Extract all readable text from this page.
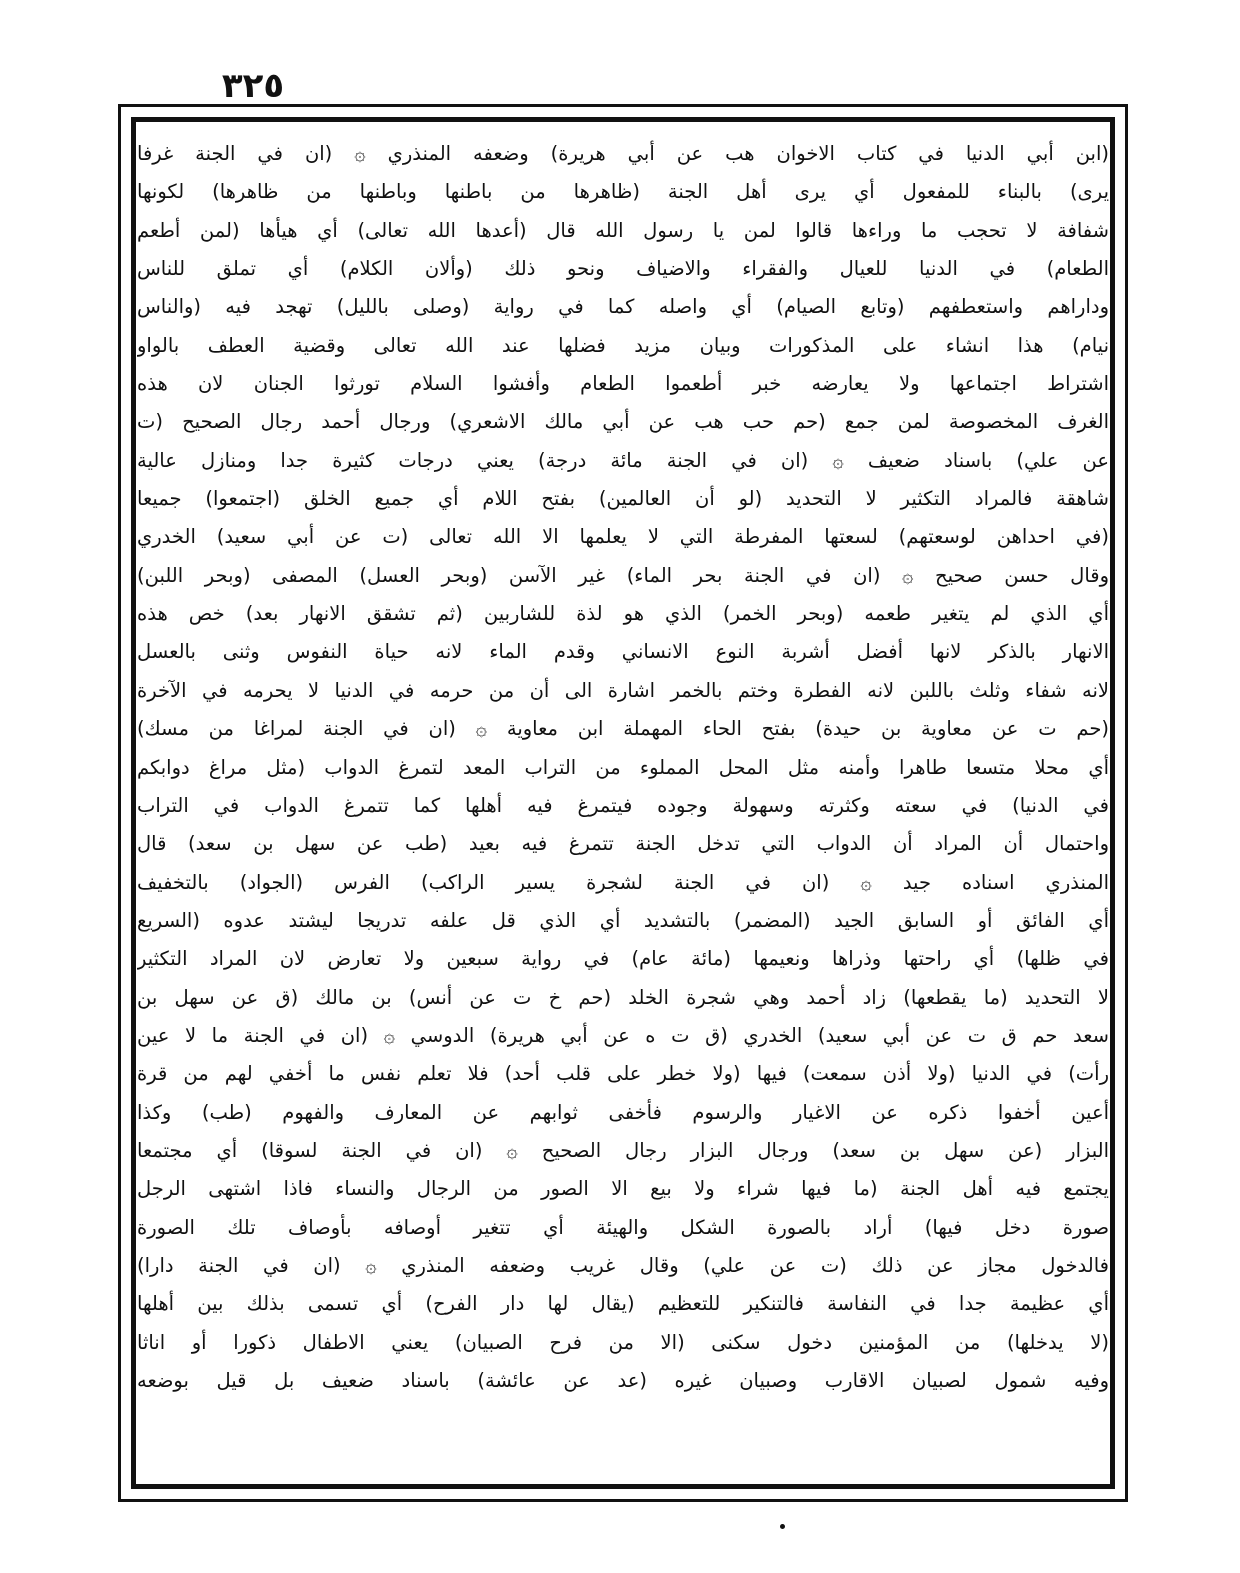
٣٢٥
(ابن أبي الدنيا في كتاب الاخوان هب عن أبي هريرة) وضعفه المنذري ۞ (ان في الجنة غرفا
يرى) بالبناء للمفعول أي يرى أهل الجنة (ظاهرها من باطنها وباطنها من ظاهرها) لكونها
شفافة لا تحجب ما وراءها قالوا لمن يا رسول الله قال (أعدها الله تعالى) أي هيأها (لمن أطعم
الطعام) في الدنيا للعيال والفقراء والاضياف ونحو ذلك (وألان الكلام) أي تملق للناس
وداراهم واستعطفهم (وتابع الصيام) أي واصله كما في رواية (وصلى بالليل) تهجد فيه (والناس
نيام) هذا انشاء على المذكورات وبيان مزيد فضلها عند الله تعالى وقضية العطف بالواو
اشتراط اجتماعها ولا يعارضه خبر أطعموا الطعام وأفشوا السلام تورثوا الجنان لان هذه
الغرف المخصوصة لمن جمع (حم حب هب عن أبي مالك الاشعري) ورجال أحمد رجال الصحيح (ت
عن علي) باسناد ضعيف ۞ (ان في الجنة مائة درجة) يعني درجات كثيرة جدا ومنازل عالية
شاهقة فالمراد التكثير لا التحديد (لو أن العالمين) بفتح اللام أي جميع الخلق (اجتمعوا) جميعا
(في احداهن لوسعتهم) لسعتها المفرطة التي لا يعلمها الا الله تعالى (ت عن أبي سعيد) الخدري
وقال حسن صحيح ۞ (ان في الجنة بحر الماء) غير الآسن (وبحر العسل) المصفى (وبحر اللبن)
أي الذي لم يتغير طعمه (وبحر الخمر) الذي هو لذة للشاربين (ثم تشقق الانهار بعد) خص هذه
الانهار بالذكر لانها أفضل أشربة النوع الانساني وقدم الماء لانه حياة النفوس وثنى بالعسل
لانه شفاء وثلث باللبن لانه الفطرة وختم بالخمر اشارة الى أن من حرمه في الدنيا لا يحرمه في الآخرة
(حم ت عن معاوية بن حيدة) بفتح الحاء المهملة ابن معاوية ۞ (ان في الجنة لمراغا من مسك)
أي محلا متسعا طاهرا وأمنه مثل المحل المملوء من التراب المعد لتمرغ الدواب (مثل مراغ دوابكم
في الدنيا) في سعته وكثرته وسهولة وجوده فيتمرغ فيه أهلها كما تتمرغ الدواب في التراب
واحتمال أن المراد أن الدواب التي تدخل الجنة تتمرغ فيه بعيد (طب عن سهل بن سعد) قال
المنذري اسناده جيد ۞ (ان في الجنة لشجرة يسير الراكب) الفرس (الجواد) بالتخفيف
أي الفائق أو السابق الجيد (المضمر) بالتشديد أي الذي قل علفه تدريجا ليشتد عدوه (السريع
في ظلها) أي راحتها وذراها ونعيمها (مائة عام) في رواية سبعين ولا تعارض لان المراد التكثير
لا التحديد (ما يقطعها) زاد أحمد وهي شجرة الخلد (حم خ ت عن أنس) بن مالك (ق عن سهل بن
سعد حم ق ت عن أبي سعيد) الخدري (ق ت ه عن أبي هريرة) الدوسي ۞ (ان في الجنة ما لا عين
رأت) في الدنيا (ولا أذن سمعت) فيها (ولا خطر على قلب أحد) فلا تعلم نفس ما أخفي لهم من قرة
أعين أخفوا ذكره عن الاغيار والرسوم فأخفى ثوابهم عن المعارف والفهوم (طب) وكذا
البزار (عن سهل بن سعد) ورجال البزار رجال الصحيح ۞ (ان في الجنة لسوقا) أي مجتمعا
يجتمع فيه أهل الجنة (ما فيها شراء ولا بيع الا الصور من الرجال والنساء فاذا اشتهى الرجل
صورة دخل فيها) أراد بالصورة الشكل والهيئة أي تتغير أوصافه بأوصاف تلك الصورة
فالدخول مجاز عن ذلك (ت عن علي) وقال غريب وضعفه المنذري ۞ (ان في الجنة دارا)
أي عظيمة جدا في النفاسة فالتنكير للتعظيم (يقال لها دار الفرح) أي تسمى بذلك بين أهلها
(لا يدخلها) من المؤمنين دخول سكنى (الا من فرح الصبيان) يعني الاطفال ذكورا أو اناثا
وفيه شمول لصبيان الاقارب وصبيان غيره (عد عن عائشة) باسناد ضعيف بل قيل بوضعه
